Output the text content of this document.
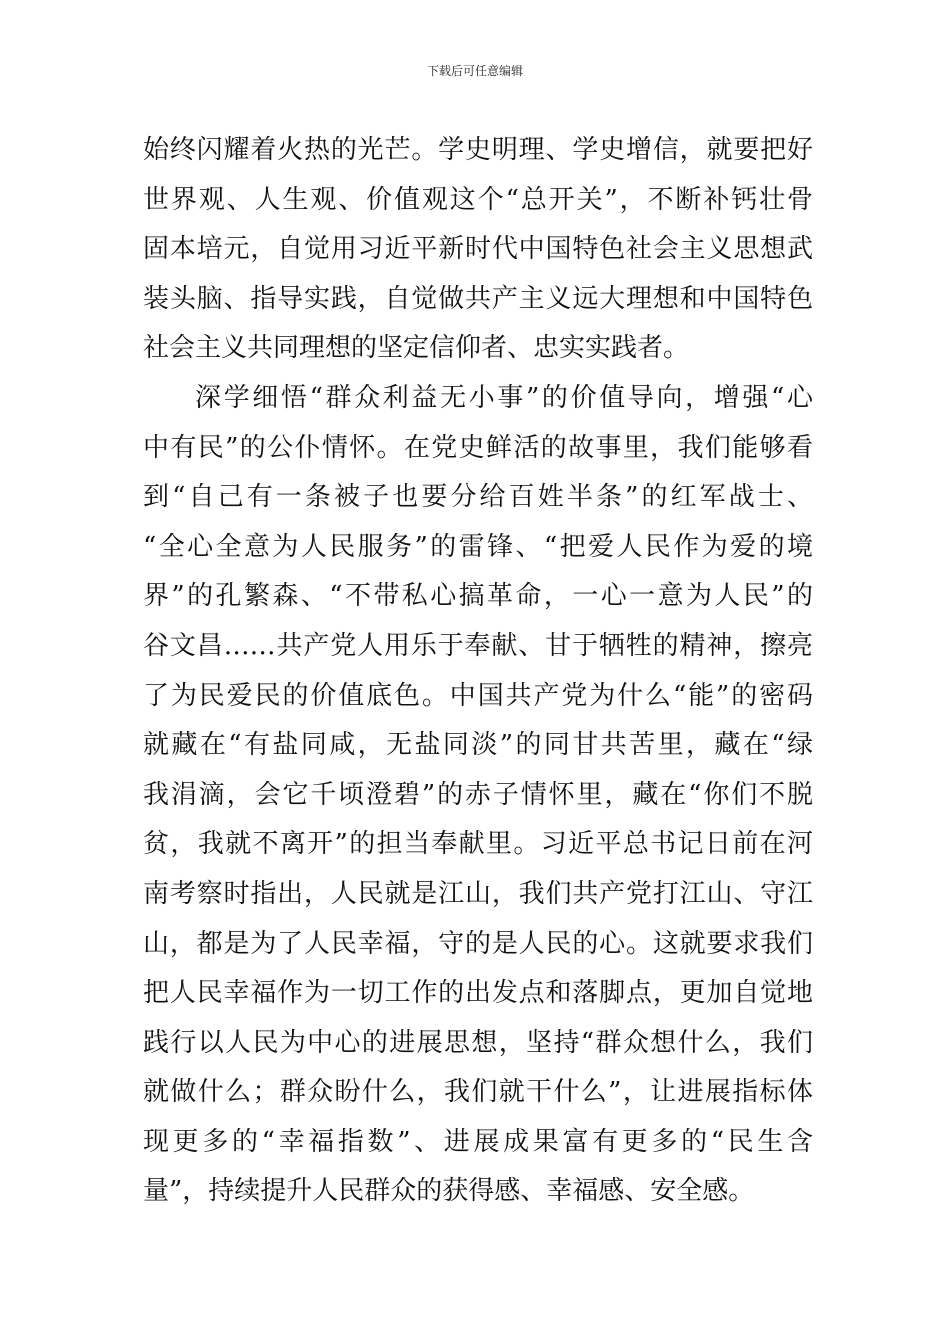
下载后可任意编辑
始终闪耀着火热的光芒。学史明理、学史增信，就要把好
世界观、人生观、价值观这个“总开关”，不断补钙壮骨
固本培元，自觉用习近平新时代中国特色社会主义思想武
装头脑、指导实践，自觉做共产主义远大理想和中国特色
社会主义共同理想的坚定信仰者、忠实实践者。
深学细悟“群众利益无小事”的价值导向，增强“心
中有民”的公仆情怀。在党史鲜活的故事里，我们能够看
到“自己有一条被子也要分给百姓半条”的红军战士、
“全心全意为人民服务”的雷锋、“把爱人民作为爱的境
界”的孔繁森、“不带私心搞革命，一心一意为人民”的
谷文昌……共产党人用乐于奉献、甘于牺牲的精神，擦亮
了为民爱民的价值底色。中国共产党为什么“能”的密码
就藏在“有盐同咸，无盐同淡”的同甘共苦里，藏在“绿
我涓滴，会它千顷澄碧”的赤子情怀里，藏在“你们不脱
贫，我就不离开”的担当奉献里。习近平总书记日前在河
南考察时指出，人民就是江山，我们共产党打江山、守江
山，都是为了人民幸福，守的是人民的心。这就要求我们
把人民幸福作为一切工作的出发点和落脚点，更加自觉地
践行以人民为中心的进展思想，坚持“群众想什么，我们
就做什么；群众盼什么，我们就干什么”，让进展指标体
现更多的“幸福指数”、进展成果富有更多的“民生含
量”，持续提升人民群众的获得感、幸福感、安全感。
